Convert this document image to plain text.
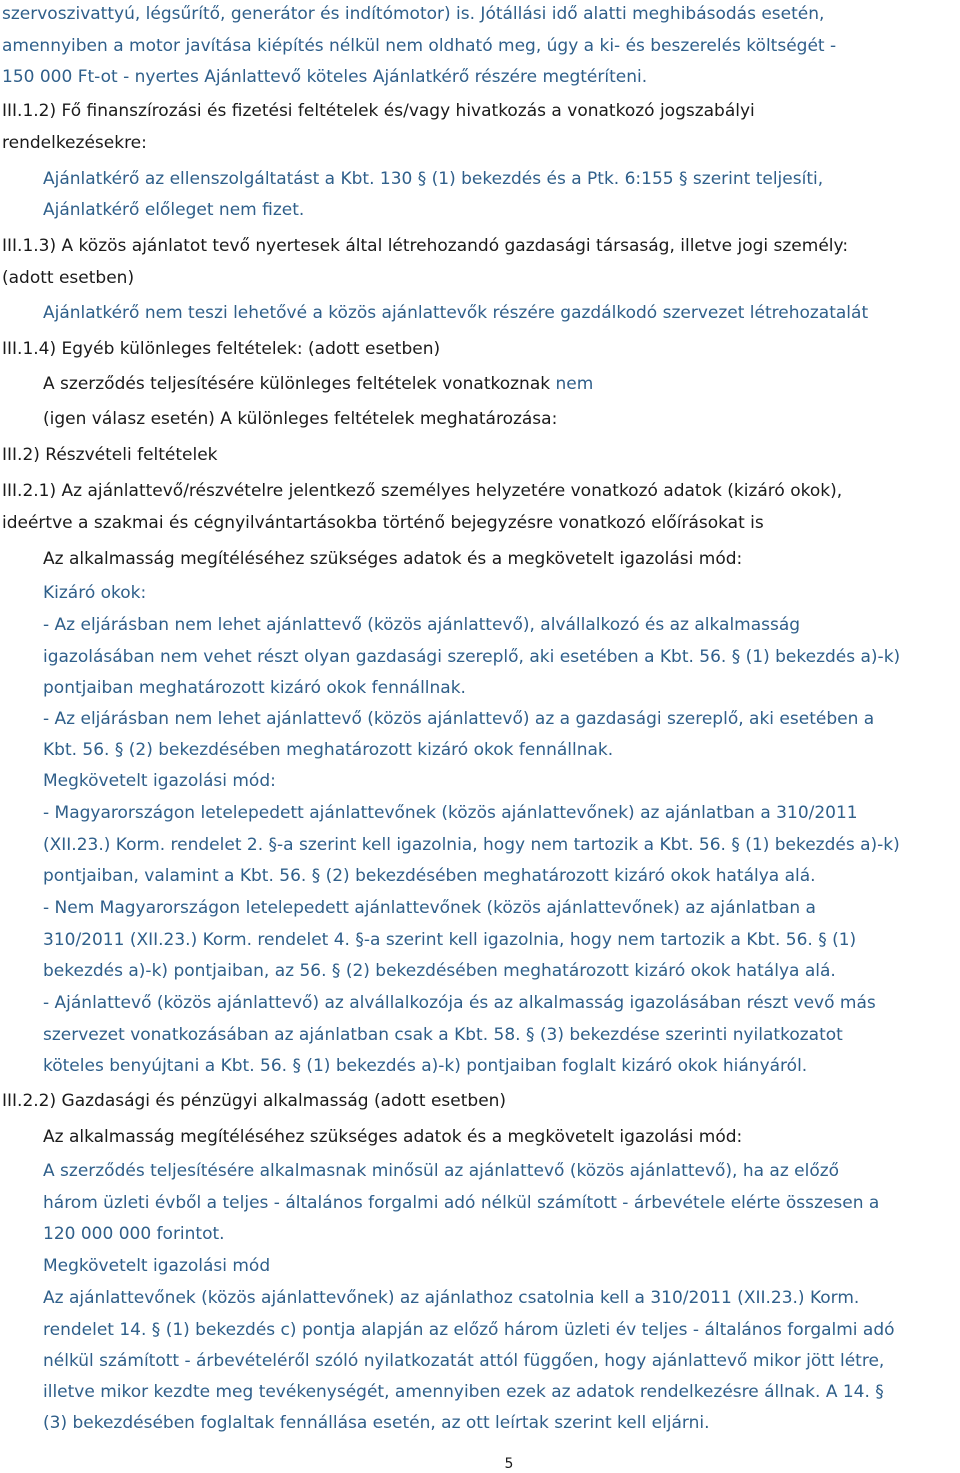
szervoszivattyú, légsűrítő, generátor és indítómotor) is. Jótállási idő alatti meghibásodás esetén,
amennyiben a motor javítása kiépítés nélkül nem oldható meg, úgy a ki- és beszerelés költségét -
150 000 Ft-ot - nyertes Ajánlattevő köteles Ajánlatkérő részére megtéríteni.
III.1.2) Fő finanszírozási és fizetési feltételek és/vagy hivatkozás a vonatkozó jogszabályi
rendelkezésekre:
Ajánlatkérő az ellenszolgáltatást a Kbt. 130 § (1) bekezdés és a Ptk. 6:155 § szerint teljesíti,
Ajánlatkérő előleget nem fizet.
III.1.3) A közös ajánlatot tevő nyertesek által létrehozandó gazdasági társaság, illetve jogi személy:
(adott esetben)
Ajánlatkérő nem teszi lehetővé a közös ajánlattevők részére gazdálkodó szervezet létrehozatalát
III.1.4) Egyéb különleges feltételek: (adott esetben)
A szerződés teljesítésére különleges feltételek vonatkoznak nem
(igen válasz esetén) A különleges feltételek meghatározása:
III.2) Részvételi feltételek
III.2.1) Az ajánlattevő/részvételre jelentkező személyes helyzetére vonatkozó adatok (kizáró okok),
ideértve a szakmai és cégnyilvántartásokba történő bejegyzésre vonatkozó előírásokat is
Az alkalmasság megítéléséhez szükséges adatok és a megkövetelt igazolási mód:
Kizáró okok:
- Az eljárásban nem lehet ajánlattevő (közös ajánlattevő), alvállalkozó és az alkalmasság
igazolásában nem vehet részt olyan gazdasági szereplő, aki esetében a Kbt. 56. § (1) bekezdés a)-k)
pontjaiban meghatározott kizáró okok fennállnak.
- Az eljárásban nem lehet ajánlattevő (közös ajánlattevő) az a gazdasági szereplő, aki esetében a
Kbt. 56. § (2) bekezdésében meghatározott kizáró okok fennállnak.
Megkövetelt igazolási mód:
- Magyarországon letelepedett ajánlattevőnek (közös ajánlattevőnek) az ajánlatban a 310/2011
(XII.23.) Korm. rendelet 2. §-a szerint kell igazolnia, hogy nem tartozik a Kbt. 56. § (1) bekezdés a)-k)
pontjaiban, valamint a Kbt. 56. § (2) bekezdésében meghatározott kizáró okok hatálya alá.
- Nem Magyarországon letelepedett ajánlattevőnek (közös ajánlattevőnek) az ajánlatban a
310/2011 (XII.23.) Korm. rendelet 4. §-a szerint kell igazolnia, hogy nem tartozik a Kbt. 56. § (1)
bekezdés a)-k) pontjaiban, az 56. § (2) bekezdésében meghatározott kizáró okok hatálya alá.
- Ajánlattevő (közös ajánlattevő) az alvállalkozója és az alkalmasság igazolásában részt vevő más
szervezet vonatkozásában az ajánlatban csak a Kbt. 58. § (3) bekezdése szerinti nyilatkozatot
köteles benyújtani a Kbt. 56. § (1) bekezdés a)-k) pontjaiban foglalt kizáró okok hiányáról.
III.2.2) Gazdasági és pénzügyi alkalmasság (adott esetben)
Az alkalmasság megítéléséhez szükséges adatok és a megkövetelt igazolási mód:
A szerződés teljesítésére alkalmasnak minősül az ajánlattevő (közös ajánlattevő), ha az előző
három üzleti évből a teljes - általános forgalmi adó nélkül számított - árbevétele elérte összesen a
120 000 000 forintot.
Megkövetelt igazolási mód
Az ajánlattevőnek (közös ajánlattevőnek) az ajánlathoz csatolnia kell a 310/2011 (XII.23.) Korm.
rendelet 14. § (1) bekezdés c) pontja alapján az előző három üzleti év teljes - általános forgalmi adó
nélkül számított - árbevételéről szóló nyilatkozatát attól függően, hogy ajánlattevő mikor jött létre,
illetve mikor kezdte meg tevékenységét, amennyiben ezek az adatok rendelkezésre állnak. A 14. §
(3) bekezdésében foglaltak fennállása esetén, az ott leírtak szerint kell eljárni.
5
